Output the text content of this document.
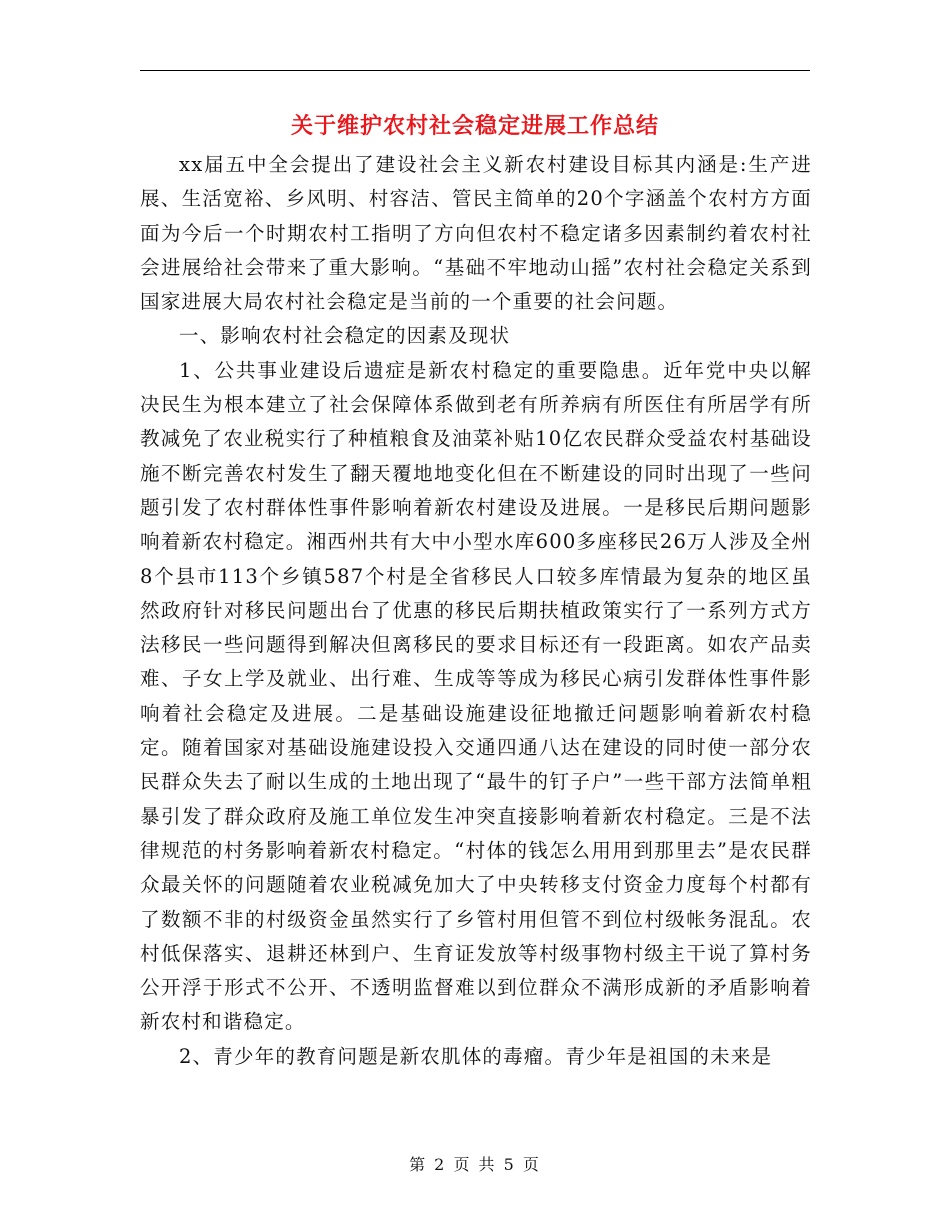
关于维护农村社会稳定进展工作总结

xx届五中全会提出了建设社会主义新农村建设目标其内涵是:生产进展、生活宽裕、乡风明、村容洁、管民主简单的20个字涵盖个农村方方面面为今后一个时期农村工指明了方向但农村不稳定诸多因素制约着农村社会进展给社会带来了重大影响。“基础不牢地动山摇”农村社会稳定关系到国家进展大局农村社会稳定是当前的一个重要的社会问题。

一、影响农村社会稳定的因素及现状

1、公共事业建设后遗症是新农村稳定的重要隐患。近年党中央以解决民生为根本建立了社会保障体系做到老有所养病有所医住有所居学有所教减免了农业税实行了种植粮食及油菜补贴10亿农民群众受益农村基础设施不断完善农村发生了翻天覆地地变化但在不断建设的同时出现了一些问题引发了农村群体性事件影响着新农村建设及进展。一是移民后期问题影响着新农村稳定。湘西州共有大中小型水库600多座移民26万人涉及全州8个县市113个乡镇587个村是全省移民人口较多库情最为复杂的地区虽然政府针对移民问题出台了优惠的移民后期扶植政策实行了一系列方式方法移民一些问题得到解决但离移民的要求目标还有一段距离。如农产品卖难、子女上学及就业、出行难、生成等等成为移民心病引发群体性事件影响着社会稳定及进展。二是基础设施建设征地撤迁问题影响着新农村稳定。随着国家对基础设施建设投入交通四通八达在建设的同时使一部分农民群众失去了耐以生成的土地出现了“最牛的钉子户”一些干部方法简单粗暴引发了群众政府及施工单位发生冲突直接影响着新农村稳定。三是不法律规范的村务影响着新农村稳定。“村体的钱怎么用用到那里去”是农民群众最关怀的问题随着农业税减免加大了中央转移支付资金力度每个村都有了数额不非的村级资金虽然实行了乡管村用但管不到位村级帐务混乱。农村低保落实、退耕还林到户、生育证发放等村级事物村级主干说了算村务公开浮于形式不公开、不透明监督难以到位群众不满形成新的矛盾影响着新农村和谐稳定。

2、青少年的教育问题是新农肌体的毒瘤。青少年是祖国的未来是

第 2 页 共 5 页
